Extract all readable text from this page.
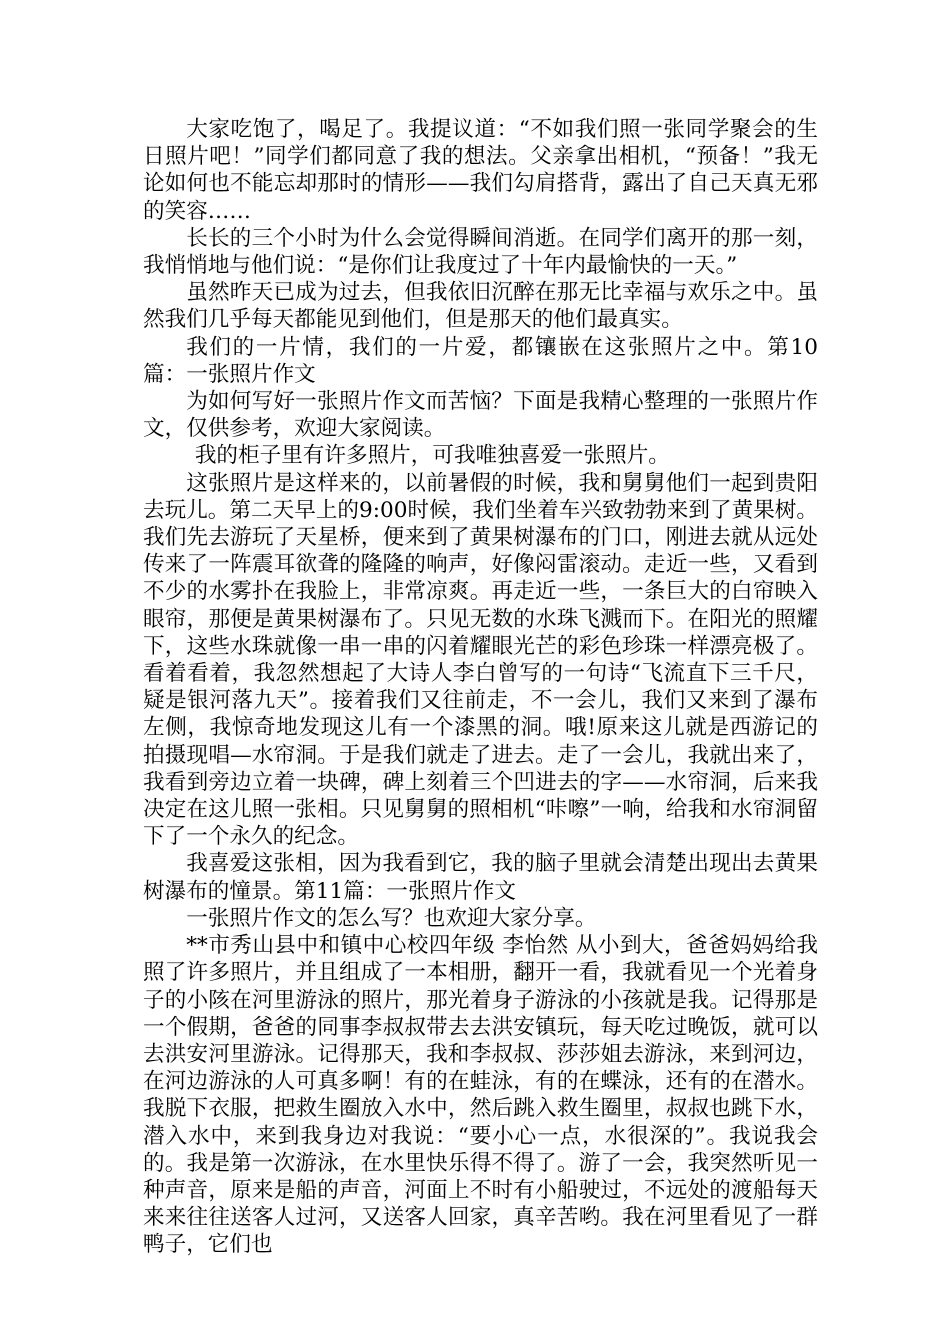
大家吃饱了，喝足了。我提议道：“不如我们照一张同学聚会的生日照片吧！”同学们都同意了我的想法。父亲拿出相机，“预备！”我无论如何也不能忘却那时的情形——我们勾肩搭背，露出了自己天真无邪的笑容……

长长的三个小时为什么会觉得瞬间消逝。在同学们离开的那一刻，我悄悄地与他们说：“是你们让我度过了十年内最愉快的一天。”

虽然昨天已成为过去，但我依旧沉醉在那无比幸福与欢乐之中。虽然我们几乎每天都能见到他们，但是那天的他们最真实。

我们的一片情，我们的一片爱，都镶嵌在这张照片之中。第10篇：一张照片作文

为如何写好一张照片作文而苦恼？下面是我精心整理的一张照片作文，仅供参考，欢迎大家阅读。

我的柜子里有许多照片，可我唯独喜爱一张照片。

这张照片是这样来的，以前暑假的时候，我和舅舅他们一起到贵阳去玩儿。第二天早上的9:00时候，我们坐着车兴致勃勃来到了黄果树。我们先去游玩了天星桥，便来到了黄果树瀑布的门口，刚进去就从远处传来了一阵震耳欲聋的隆隆的响声，好像闷雷滚动。走近一些，又看到不少的水雾扑在我脸上，非常凉爽。再走近一些，一条巨大的白帘映入眼帘，那便是黄果树瀑布了。只见无数的水珠飞溅而下。在阳光的照耀下，这些水珠就像一串一串的闪着耀眼光芒的彩色珍珠一样漂亮极了。看着看着，我忽然想起了大诗人李白曾写的一句诗“飞流直下三千尺，疑是银河落九天”。接着我们又往前走，不一会儿，我们又来到了瀑布左侧，我惊奇地发现这儿有一个漆黑的洞。哦!原来这儿就是西游记的拍摄现唱—水帘洞。于是我们就走了进去。走了一会儿，我就出来了，我看到旁边立着一块碑，碑上刻着三个凹进去的字——水帘洞，后来我决定在这儿照一张相。只见舅舅的照相机“咔嚓”一响，给我和水帘洞留下了一个永久的纪念。

我喜爱这张相，因为我看到它，我的脑子里就会清楚出现出去黄果树瀑布的憧景。第11篇：一张照片作文

一张照片作文的怎么写？也欢迎大家分享。

**市秀山县中和镇中心校四年级 李怡然 从小到大，爸爸妈妈给我照了许多照片，并且组成了一本相册，翻开一看，我就看见一个光着身子的小陔在河里游泳的照片，那光着身子游泳的小孩就是我。记得那是一个假期，爸爸的同事李叔叔带去去洪安镇玩，每天吃过晚饭，就可以去洪安河里游泳。记得那天，我和李叔叔、莎莎姐去游泳，来到河边，在河边游泳的人可真多啊！有的在蛙泳，有的在蝶泳，还有的在潜水。我脱下衣服，把救生圈放入水中，然后跳入救生圈里，叔叔也跳下水，潜入水中，来到我身边对我说：“要小心一点，水很深的”。我说我会的。我是第一次游泳，在水里快乐得不得了。游了一会，我突然听见一种声音，原来是船的声音，河面上不时有小船驶过，不远处的渡船每天来来往往送客人过河，又送客人回家，真辛苦哟。我在河里看见了一群鸭子，它们也
